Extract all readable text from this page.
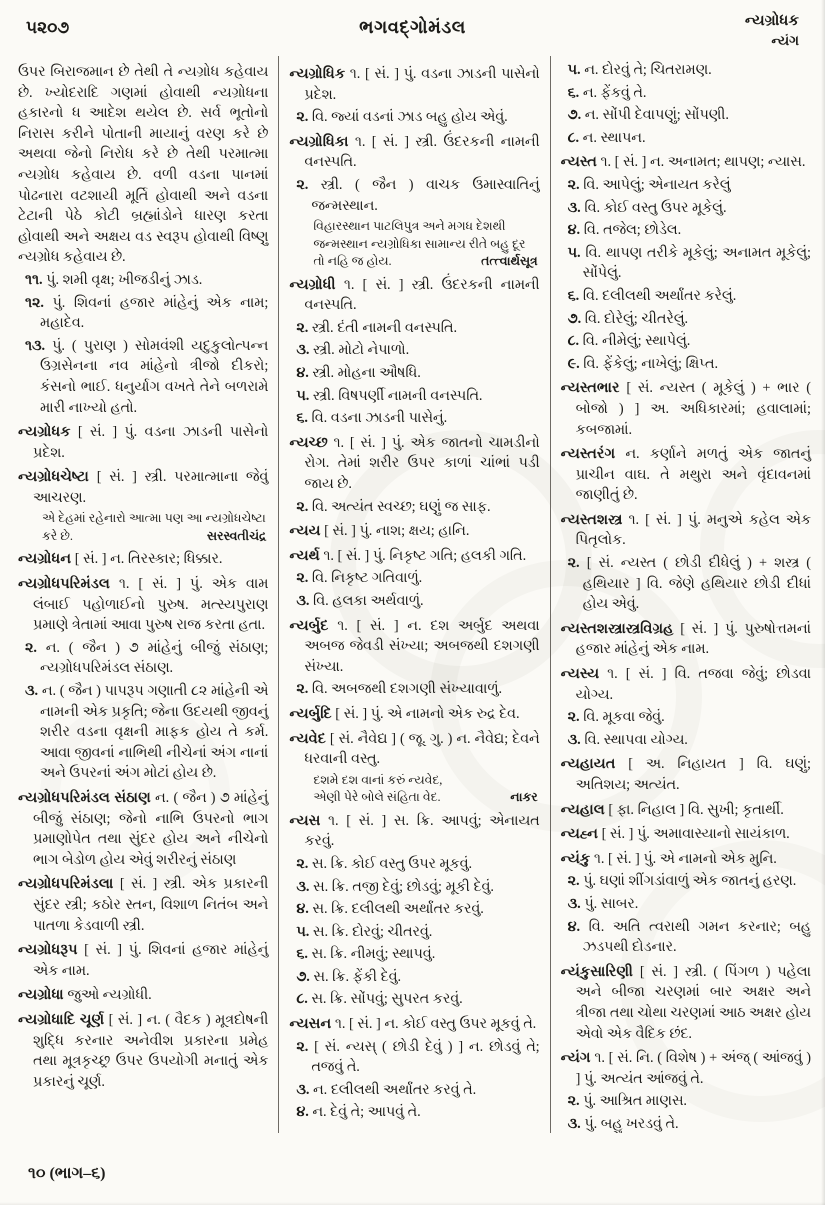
૫૨૦૭	ભગવદ્ગોમંડલ	ન્યગ્રોધક
ન્યંગ

ઉપર બિરાજમાન છે તેથી તે ન્યગ્રોધ કહેવાય છે. ખ્યોદરાદિ ગણમાં હોવાથી ન્યગ્રોધના હકારનો ધ આદેશ થયેલ છે. સર્વ ભૂતોનો નિરાસ કરીને પોતાની માયાનું વરણ કરે છે અથવા જેનો નિરોધ કરે છે તેથી પરમાત્મા ન્યગ્રોધ કહેવાય છે. વળી વડના પાનમાં પોઢનારા વટશાયી મૂર્તિ હોવાથી અને વડના ટેટાની પેઠે કોટી બ્રહ્માંડોને ધારણ કરતા હોવાથી અને અક્ષય વડ સ્વરૂપ હોવાથી વિષ્ણુ ન્યગ્રોધ કહેવાય છે.

૧૧. પું. શમી વૃક્ષ; ખીજડીનું ઝાડ.

૧૨. પું. શિવનાં હજાર માંહેનું એક નામ; મહાદેવ.

૧૩. પું. ( પુરાણ ) સોમવંશી યદુકુલોત્પન્ન ઉગ્રસેનના નવ માંહેનો ત્રીજો દીકરો; કંસનો ભાઈ. ધનુર્યાગ વખતે તેને બળરામે મારી નાખ્યો હતો.

ન્યગ્રોધક [ સં. ] પું. વડના ઝાડની પાસેનો પ્રદેશ.

ન્યગ્રોધચેષ્ટા [ સં. ] સ્ત્રી. પરમાત્માના જેવું આચરણ.

એ દેહમાં રહેનારો આત્મા પણ આ ન્યગ્રોધચેષ્ટા
કરે છે.	સરસ્વતીચંદ્ર

ન્યગ્રોધન [ સં. ] ન. તિરસ્કાર; ધિક્કાર.

ન્યગ્રોધપરિમંડલ ૧. [ સં. ] પું. એક વામ લંબાઈ પહોળાઈનો પુરુષ. મત્સ્યપુરાણ પ્રમાણે ત્રેતામાં આવા પુરુષ રાજ કરતા હતા.

૨. ન. ( જૈન ) ૭ માંહેનું બીજું સંઠાણ; ન્યગ્રોધપરિમંડલ સંઠાણ.

૩. ન. ( જૈન ) પાપરૂપ ગણાતી ૮૨ માંહેની એ નામની એક પ્રકૃતિ; જેના ઉદયથી જીવનું શરીર વડના વૃક્ષની માફક હોય તે કર્મ. આવા જીવનાં નાભિથી નીચેનાં અંગ નાનાં અને ઉપરનાં અંગ મોટાં હોય છે.

ન્યગ્રોધપરિમંડલ સંઠાણ ન. ( જૈન ) ૭ માંહેનું બીજું સંઠાણ; જેનો નાભિ ઉપરનો ભાગ પ્રમાણોપેત તથા સુંદર હોય અને નીચેનો ભાગ બેડોળ હોય એવું શરીરનું સંઠાણ

ન્યગ્રોધપરિમંડલા [ સં. ] સ્ત્રી. એક પ્રકારની સુંદર સ્ત્રી; કઠોર સ્તન, વિશાળ નિતંબ અને પાતળા કેડવાળી સ્ત્રી.

ન્યગ્રોધરૂપ [ સં. ] પું. શિવનાં હજાર માંહેનું એક નામ.

ન્યગ્રોધા જુઓ ન્યગ્રોધી.

ન્યગ્રોધાદિ ચૂર્ણ [ સં. ] ન. ( વૈદક ) મૂત્રદોષની શુદ્ધિ કરનાર અનેવીશ પ્રકારના પ્રમેહ તથા મૂત્રકૃચ્છ્ર ઉપર ઉપયોગી મનાતું એક પ્રકારનું ચૂર્ણ.

ન્યગ્રોધિક ૧. [ સં. ] પું. વડના ઝાડની પાસેનો પ્રદેશ.

૨. વિ. જ્યાં વડનાં ઝાડ બહુ હોય એવું.

ન્યગ્રોધિકા ૧. [ સં. ] સ્ત્રી. ઉંદરકની નામની વનસ્પતિ.

૨. સ્ત્રી. ( જૈન ) વાચક ઉમાસ્વાતિનું જન્મસ્થાન.

વિહારસ્થાન પાટલિપુત્ર અને મગધ દેશથી
જન્મસ્થાન ન્યગ્રોધિકા સામાન્ય રીતે બહુ દૂર
તો નહિ જ હોય.	તત્ત્વાર્થસૂત્ર

ન્યગ્રોધી ૧. [ સં. ] સ્ત્રી. ઉંદરકની નામની વનસ્પતિ.

૨. સ્ત્રી. દંતી નામની વનસ્પતિ.

૩. સ્ત્રી. મોટો નેપાળો.

૪. સ્ત્રી. મોહના ઔષધિ.

૫. સ્ત્રી. વિષપર્ણી નામની વનસ્પતિ.

૬. વિ. વડના ઝાડની પાસેનું.

ન્યચ્છ ૧. [ સં. ] પું. એક જાતનો ચામડીનો રોગ. તેમાં શરીર ઉપર કાળાં ચાંભાં પડી જાય છે.

૨. વિ. અત્યંત સ્વચ્છ; ઘણું જ સાફ.

ન્યય [ સં. ] પું. નાશ; ક્ષય; હાનિ.

ન્યર્થ ૧. [ સં. ] પું. નિકૃષ્ટ ગતિ; હલકી ગતિ.

૨. વિ. નિકૃષ્ટ ગતિવાળું.

૩. વિ. હલકા અર્થવાળું.

ન્યર્બુદ ૧. [ સં. ] ન. દશ અર્બુદ અથવા અબજ જેવડી સંખ્યા; અબજથી દશગણી સંખ્યા.

૨. વિ. અબજથી દશગણી સંખ્યાવાળું.

ન્યર્બુદિ [ સં. ] પું. એ નામનો એક રુદ્ર દેવ.

ન્યવેદ [ સં. નૈવેદ્ય ] ( જૂ. ગુ. ) ન. નૈવેદ્ય; દેવને ધરવાની વસ્તુ.

દશમે દશ વાનાં કરું ન્યવેદ,
એણી પેરે બોલે સંહિતા વેદ.	નાકર

ન્યસ ૧. [ સં. ] સ. ક્રિ. આપવું; એનાયત કરવું.

૨. સ. ક્રિ. કોઈ વસ્તુ ઉપર મૂકવું.

૩. સ. ક્રિ. તજી દેવું; છોડવું; મૂકી દેવું.

૪. સ. ક્રિ. દલીલથી અર્થાંતર કરવું.

૫. સ. ક્રિ. દોરવું; ચીતરવું.

૬. સ. ક્રિ. નીમવું; સ્થાપવું.

૭. સ. ક્રિ. ફેંકી દેવું.

૮. સ. ક્રિ. સોંપવું; સુપરત કરવું.

ન્યસન ૧. [ સં. ] ન. કોઈ વસ્તુ ઉપર મૂકવું તે.

૨. [ સં. ન્યસ્ ( છોડી દેવું ) ] ન. છોડવું તે; તજવું તે.

૩. ન. દલીલથી અર્થાંતર કરવું તે.

૪. ન. દેવું તે; આપવું તે.

૫. ન. દોરવું તે; ચિતરામણ.

૬. ન. ફેંકવું તે.

૭. ન. સોંપી દેવાપણું; સોંપણી.

૮. ન. સ્થાપન.

ન્યસ્ત ૧. [ સં. ] ન. અનામત; થાપણ; ન્યાસ.

૨. વિ. આપેલું; એનાયત કરેલું

૩. વિ. કોઈ વસ્તુ ઉપર મૂકેલું.

૪. વિ. તજેલ; છોડેલ.

૫. વિ. થાપણ તરીકે મૂકેલું; અનામત મૂકેલું; સોંપેલું.

૬. વિ. દલીલથી અર્થાંતર કરેલું.

૭. વિ. દોરેલું; ચીતરેલું.

૮. વિ. નીમેલું; સ્થાપેલું.

૯. વિ. ફેંકેલું; નાખેલું; ક્ષિપ્ત.

ન્યસ્તભાર [ સં. ન્યસ્ત ( મૂકેલું ) + ભાર ( બોજો ) ] અ. અધિકારમાં; હવાલામાં; કબજામાં.

ન્યસ્તરંગ ન. કર્ણાને મળતું એક જાતનું પ્રાચીન વાઘ. તે મથુરા અને વૃંદાવનમાં જાણીતું છે.

ન્યસ્તશસ્ત્ર ૧. [ સં. ] પું. મનુએ કહેલ એક પિતૃલોક.

૨. [ સં. ન્યસ્ત ( છોડી દીધેલું ) + શસ્ત્ર ( હથિયાર ] વિ. જેણે હથિયાર છોડી દીધાં હોય એવું.

ન્યસ્તશસ્ત્રાસ્ત્રવિગ્રહ [ સં. ] પું. પુરુષોત્તમનાં હજાર માંહેનું એક નામ.

ન્યસ્ય ૧. [ સં. ] વિ. તજવા જેવું; છોડવા યોગ્ય.

૨. વિ. મૂકવા જેવું.

૩. વિ. સ્થાપવા યોગ્ય.

ન્યહાયત [ અ. નિહાયત ] વિ. ઘણું; અતિશય; અત્યંત.

ન્યહાલ [ ફા. નિહાલ ] વિ. સુખી; કૃતાર્થી.

ન્યહ્ન [ સં. ] પું. અમાવાસ્યાનો સાયંકાળ.

ન્યંકુ ૧. [ સં. ] પું. એ નામનો એક મુનિ.

૨. પું. ઘણાં શીંગડાંવાળું એક જાતનું હરણ.

૩. પું. સાબર.

૪. વિ. અતિ ત્વરાથી ગમન કરનાર; બહુ ઝડપથી દોડનાર.

ન્યંકુસારિણી [ સં. ] સ્ત્રી. ( પિંગળ ) પહેલા અને બીજા ચરણમાં બાર અક્ષર અને ત્રીજા તથા ચોથા ચરણમાં આઠ અક્ષર હોય એવો એક વૈદિક છંદ.

ન્યંગ ૧. [ સં. નિ. ( વિશેષ ) + અંજ્ ( આંજવું ) ] પું. અત્યંત આંજવું તે.

૨. પું. આશ્રિત માણસ.

૩. પું. બહુ ખરડવું તે.

૧૦ (ભાગ–૬)
